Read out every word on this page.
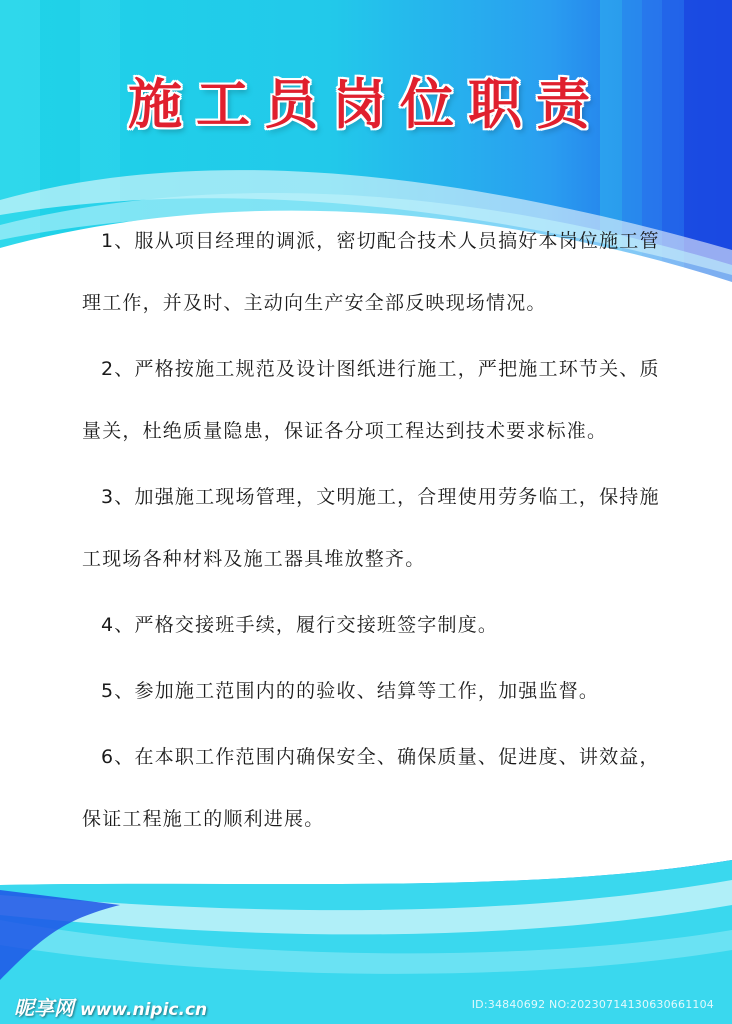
施工员岗位职责

1、服从项目经理的调派，密切配合技术人员搞好本岗位施工管理工作，并及时、主动向生产安全部反映现场情况。

2、严格按施工规范及设计图纸进行施工，严把施工环节关、质量关，杜绝质量隐患，保证各分项工程达到技术要求标准。

3、加强施工现场管理，文明施工，合理使用劳务临工，保持施工现场各种材料及施工器具堆放整齐。

4、严格交接班手续，履行交接班签字制度。

5、参加施工范围内的的验收、结算等工作，加强监督。

6、在本职工作范围内确保安全、确保质量、促进度、讲效益，保证工程施工的顺利进展。

昵享网 www.nipic.cn	ID:34840692 NO:20230714130630661104
